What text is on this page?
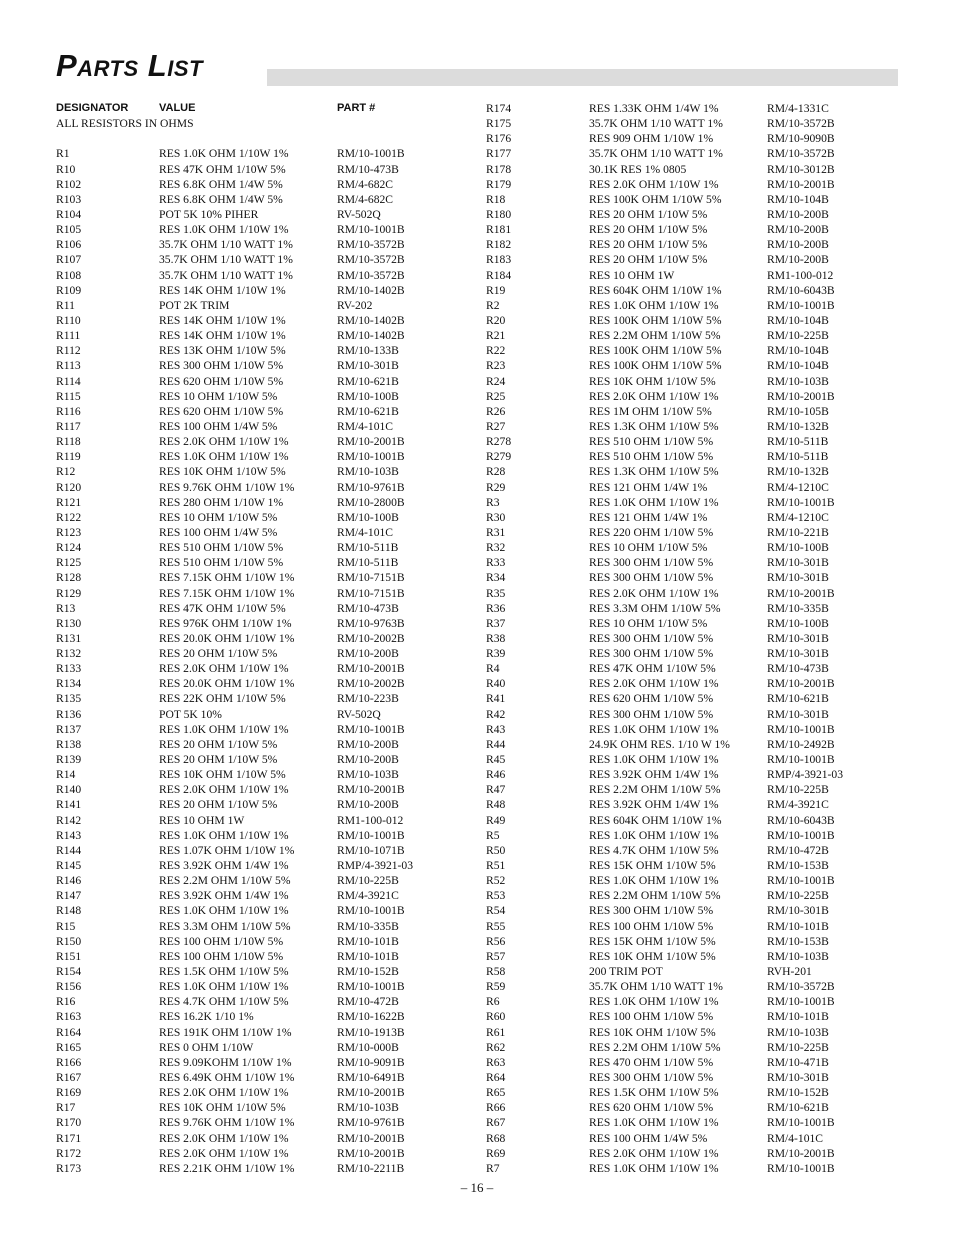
Parts List
DESIGNATOR	VALUE	PART #
ALL RESISTORS IN OHMS
R1	RES 1.0K OHM 1/10W 1%	RM/10-1001B
R10	RES 47K OHM 1/10W 5%	RM/10-473B
R102	RES 6.8K OHM 1/4W 5%	RM/4-682C
R103	RES 6.8K OHM 1/4W 5%	RM/4-682C
R104	POT 5K 10% PIHER	RV-502Q
R105	RES 1.0K OHM 1/10W 1%	RM/10-1001B
R106	35.7K OHM 1/10 WATT 1%	RM/10-3572B
R107	35.7K OHM 1/10 WATT 1%	RM/10-3572B
R108	35.7K OHM 1/10 WATT 1%	RM/10-3572B
R109	RES 14K OHM 1/10W 1%	RM/10-1402B
R11	POT 2K TRIM	RV-202
R110	RES 14K OHM 1/10W 1%	RM/10-1402B
R111	RES 14K OHM 1/10W 1%	RM/10-1402B
R112	RES 13K OHM 1/10W 5%	RM/10-133B
R113	RES 300 OHM 1/10W 5%	RM/10-301B
R114	RES 620 OHM 1/10W 5%	RM/10-621B
R115	RES 10 OHM 1/10W 5%	RM/10-100B
R116	RES 620 OHM 1/10W 5%	RM/10-621B
R117	RES 100 OHM 1/4W 5%	RM/4-101C
R118	RES 2.0K OHM 1/10W 1%	RM/10-2001B
R119	RES 1.0K OHM 1/10W 1%	RM/10-1001B
R12	RES 10K OHM 1/10W 5%	RM/10-103B
R120	RES 9.76K OHM 1/10W 1%	RM/10-9761B
R121	RES 280 OHM 1/10W 1%	RM/10-2800B
R122	RES 10 OHM 1/10W 5%	RM/10-100B
R123	RES 100 OHM 1/4W 5%	RM/4-101C
R124	RES 510 OHM 1/10W 5%	RM/10-511B
R125	RES 510 OHM 1/10W 5%	RM/10-511B
R128	RES 7.15K OHM 1/10W 1%	RM/10-7151B
R129	RES 7.15K OHM 1/10W 1%	RM/10-7151B
R13	RES 47K OHM 1/10W 5%	RM/10-473B
R130	RES 976K OHM 1/10W 1%	RM/10-9763B
R131	RES 20.0K OHM 1/10W 1%	RM/10-2002B
R132	RES 20 OHM 1/10W 5%	RM/10-200B
R133	RES 2.0K OHM 1/10W 1%	RM/10-2001B
R134	RES 20.0K OHM 1/10W 1%	RM/10-2002B
R135	RES 22K OHM 1/10W 5%	RM/10-223B
R136	POT 5K 10%	RV-502Q
R137	RES 1.0K OHM 1/10W 1%	RM/10-1001B
R138	RES 20 OHM 1/10W 5%	RM/10-200B
R139	RES 20 OHM 1/10W 5%	RM/10-200B
R14	RES 10K OHM 1/10W 5%	RM/10-103B
R140	RES 2.0K OHM 1/10W 1%	RM/10-2001B
R141	RES 20 OHM 1/10W 5%	RM/10-200B
R142	RES 10 OHM 1W	RM1-100-012
R143	RES 1.0K OHM 1/10W 1%	RM/10-1001B
R144	RES 1.07K OHM 1/10W 1%	RM/10-1071B
R145	RES 3.92K OHM 1/4W 1%	RMP/4-3921-03
R146	RES 2.2M OHM 1/10W 5%	RM/10-225B
R147	RES 3.92K OHM 1/4W 1%	RM/4-3921C
R148	RES 1.0K OHM 1/10W 1%	RM/10-1001B
R15	RES 3.3M OHM 1/10W 5%	RM/10-335B
R150	RES 100 OHM 1/10W 5%	RM/10-101B
R151	RES 100 OHM 1/10W 5%	RM/10-101B
R154	RES 1.5K OHM 1/10W 5%	RM/10-152B
R156	RES 1.0K OHM 1/10W 1%	RM/10-1001B
R16	RES 4.7K OHM 1/10W 5%	RM/10-472B
R163	RES 16.2K 1/10 1%	RM/10-1622B
R164	RES 191K OHM 1/10W 1%	RM/10-1913B
R165	RES 0 OHM 1/10W	RM/10-000B
R166	RES 9.09KOHM 1/10W 1%	RM/10-9091B
R167	RES 6.49K OHM 1/10W 1%	RM/10-6491B
R169	RES 2.0K OHM 1/10W 1%	RM/10-2001B
R17	RES 10K OHM 1/10W 5%	RM/10-103B
R170	RES 9.76K OHM 1/10W 1%	RM/10-9761B
R171	RES 2.0K OHM 1/10W 1%	RM/10-2001B
R172	RES 2.0K OHM 1/10W 1%	RM/10-2001B
R173	RES 2.21K OHM 1/10W 1%	RM/10-2211B
R174	RES 1.33K OHM 1/4W 1%	RM/4-1331C
R175	35.7K OHM 1/10 WATT 1%	RM/10-3572B
R176	RES 909 OHM 1/10W 1%	RM/10-9090B
R177	35.7K OHM 1/10 WATT 1%	RM/10-3572B
R178	30.1K RES 1% 0805	RM/10-3012B
R179	RES 2.0K OHM 1/10W 1%	RM/10-2001B
R18	RES 100K OHM 1/10W 5%	RM/10-104B
R180	RES 20 OHM 1/10W 5%	RM/10-200B
R181	RES 20 OHM 1/10W 5%	RM/10-200B
R182	RES 20 OHM 1/10W 5%	RM/10-200B
R183	RES 20 OHM 1/10W 5%	RM/10-200B
R184	RES 10 OHM 1W	RM1-100-012
R19	RES 604K OHM 1/10W 1%	RM/10-6043B
R2	RES 1.0K OHM 1/10W 1%	RM/10-1001B
R20	RES 100K OHM 1/10W 5%	RM/10-104B
R21	RES 2.2M OHM 1/10W 5%	RM/10-225B
R22	RES 100K OHM 1/10W 5%	RM/10-104B
R23	RES 100K OHM 1/10W 5%	RM/10-104B
R24	RES 10K OHM 1/10W 5%	RM/10-103B
R25	RES 2.0K OHM 1/10W 1%	RM/10-2001B
R26	RES 1M OHM 1/10W 5%	RM/10-105B
R27	RES 1.3K OHM 1/10W 5%	RM/10-132B
R278	RES 510 OHM 1/10W 5%	RM/10-511B
R279	RES 510 OHM 1/10W 5%	RM/10-511B
R28	RES 1.3K OHM 1/10W 5%	RM/10-132B
R29	RES 121 OHM 1/4W 1%	RM/4-1210C
R3	RES 1.0K OHM 1/10W 1%	RM/10-1001B
R30	RES 121 OHM 1/4W 1%	RM/4-1210C
R31	RES 220 OHM 1/10W 5%	RM/10-221B
R32	RES 10 OHM 1/10W 5%	RM/10-100B
R33	RES 300 OHM 1/10W 5%	RM/10-301B
R34	RES 300 OHM 1/10W 5%	RM/10-301B
R35	RES 2.0K OHM 1/10W 1%	RM/10-2001B
R36	RES 3.3M OHM 1/10W 5%	RM/10-335B
R37	RES 10 OHM 1/10W 5%	RM/10-100B
R38	RES 300 OHM 1/10W 5%	RM/10-301B
R39	RES 300 OHM 1/10W 5%	RM/10-301B
R4	RES 47K OHM 1/10W 5%	RM/10-473B
R40	RES 2.0K OHM 1/10W 1%	RM/10-2001B
R41	RES 620 OHM 1/10W 5%	RM/10-621B
R42	RES 300 OHM 1/10W 5%	RM/10-301B
R43	RES 1.0K OHM 1/10W 1%	RM/10-1001B
R44	24.9K OHM RES. 1/10 W 1%	RM/10-2492B
R45	RES 1.0K OHM 1/10W 1%	RM/10-1001B
R46	RES 3.92K OHM 1/4W 1%	RMP/4-3921-03
R47	RES 2.2M OHM 1/10W 5%	RM/10-225B
R48	RES 3.92K OHM 1/4W 1%	RM/4-3921C
R49	RES 604K OHM 1/10W 1%	RM/10-6043B
R5	RES 1.0K OHM 1/10W 1%	RM/10-1001B
R50	RES 4.7K OHM 1/10W 5%	RM/10-472B
R51	RES 15K OHM 1/10W 5%	RM/10-153B
R52	RES 1.0K OHM 1/10W 1%	RM/10-1001B
R53	RES 2.2M OHM 1/10W 5%	RM/10-225B
R54	RES 300 OHM 1/10W 5%	RM/10-301B
R55	RES 100 OHM 1/10W 5%	RM/10-101B
R56	RES 15K OHM 1/10W 5%	RM/10-153B
R57	RES 10K OHM 1/10W 5%	RM/10-103B
R58	200 TRIM POT	RVH-201
R59	35.7K OHM 1/10 WATT 1%	RM/10-3572B
R6	RES 1.0K OHM 1/10W 1%	RM/10-1001B
R60	RES 100 OHM 1/10W 5%	RM/10-101B
R61	RES 10K OHM 1/10W 5%	RM/10-103B
R62	RES 2.2M OHM 1/10W 5%	RM/10-225B
R63	RES 470 OHM 1/10W 5%	RM/10-471B
R64	RES 300 OHM 1/10W 5%	RM/10-301B
R65	RES 1.5K OHM 1/10W 5%	RM/10-152B
R66	RES 620 OHM 1/10W 5%	RM/10-621B
R67	RES 1.0K OHM 1/10W 1%	RM/10-1001B
R68	RES 100 OHM 1/4W 5%	RM/4-101C
R69	RES 2.0K OHM 1/10W 1%	RM/10-2001B
R7	RES 1.0K OHM 1/10W 1%	RM/10-1001B
– 16 –
